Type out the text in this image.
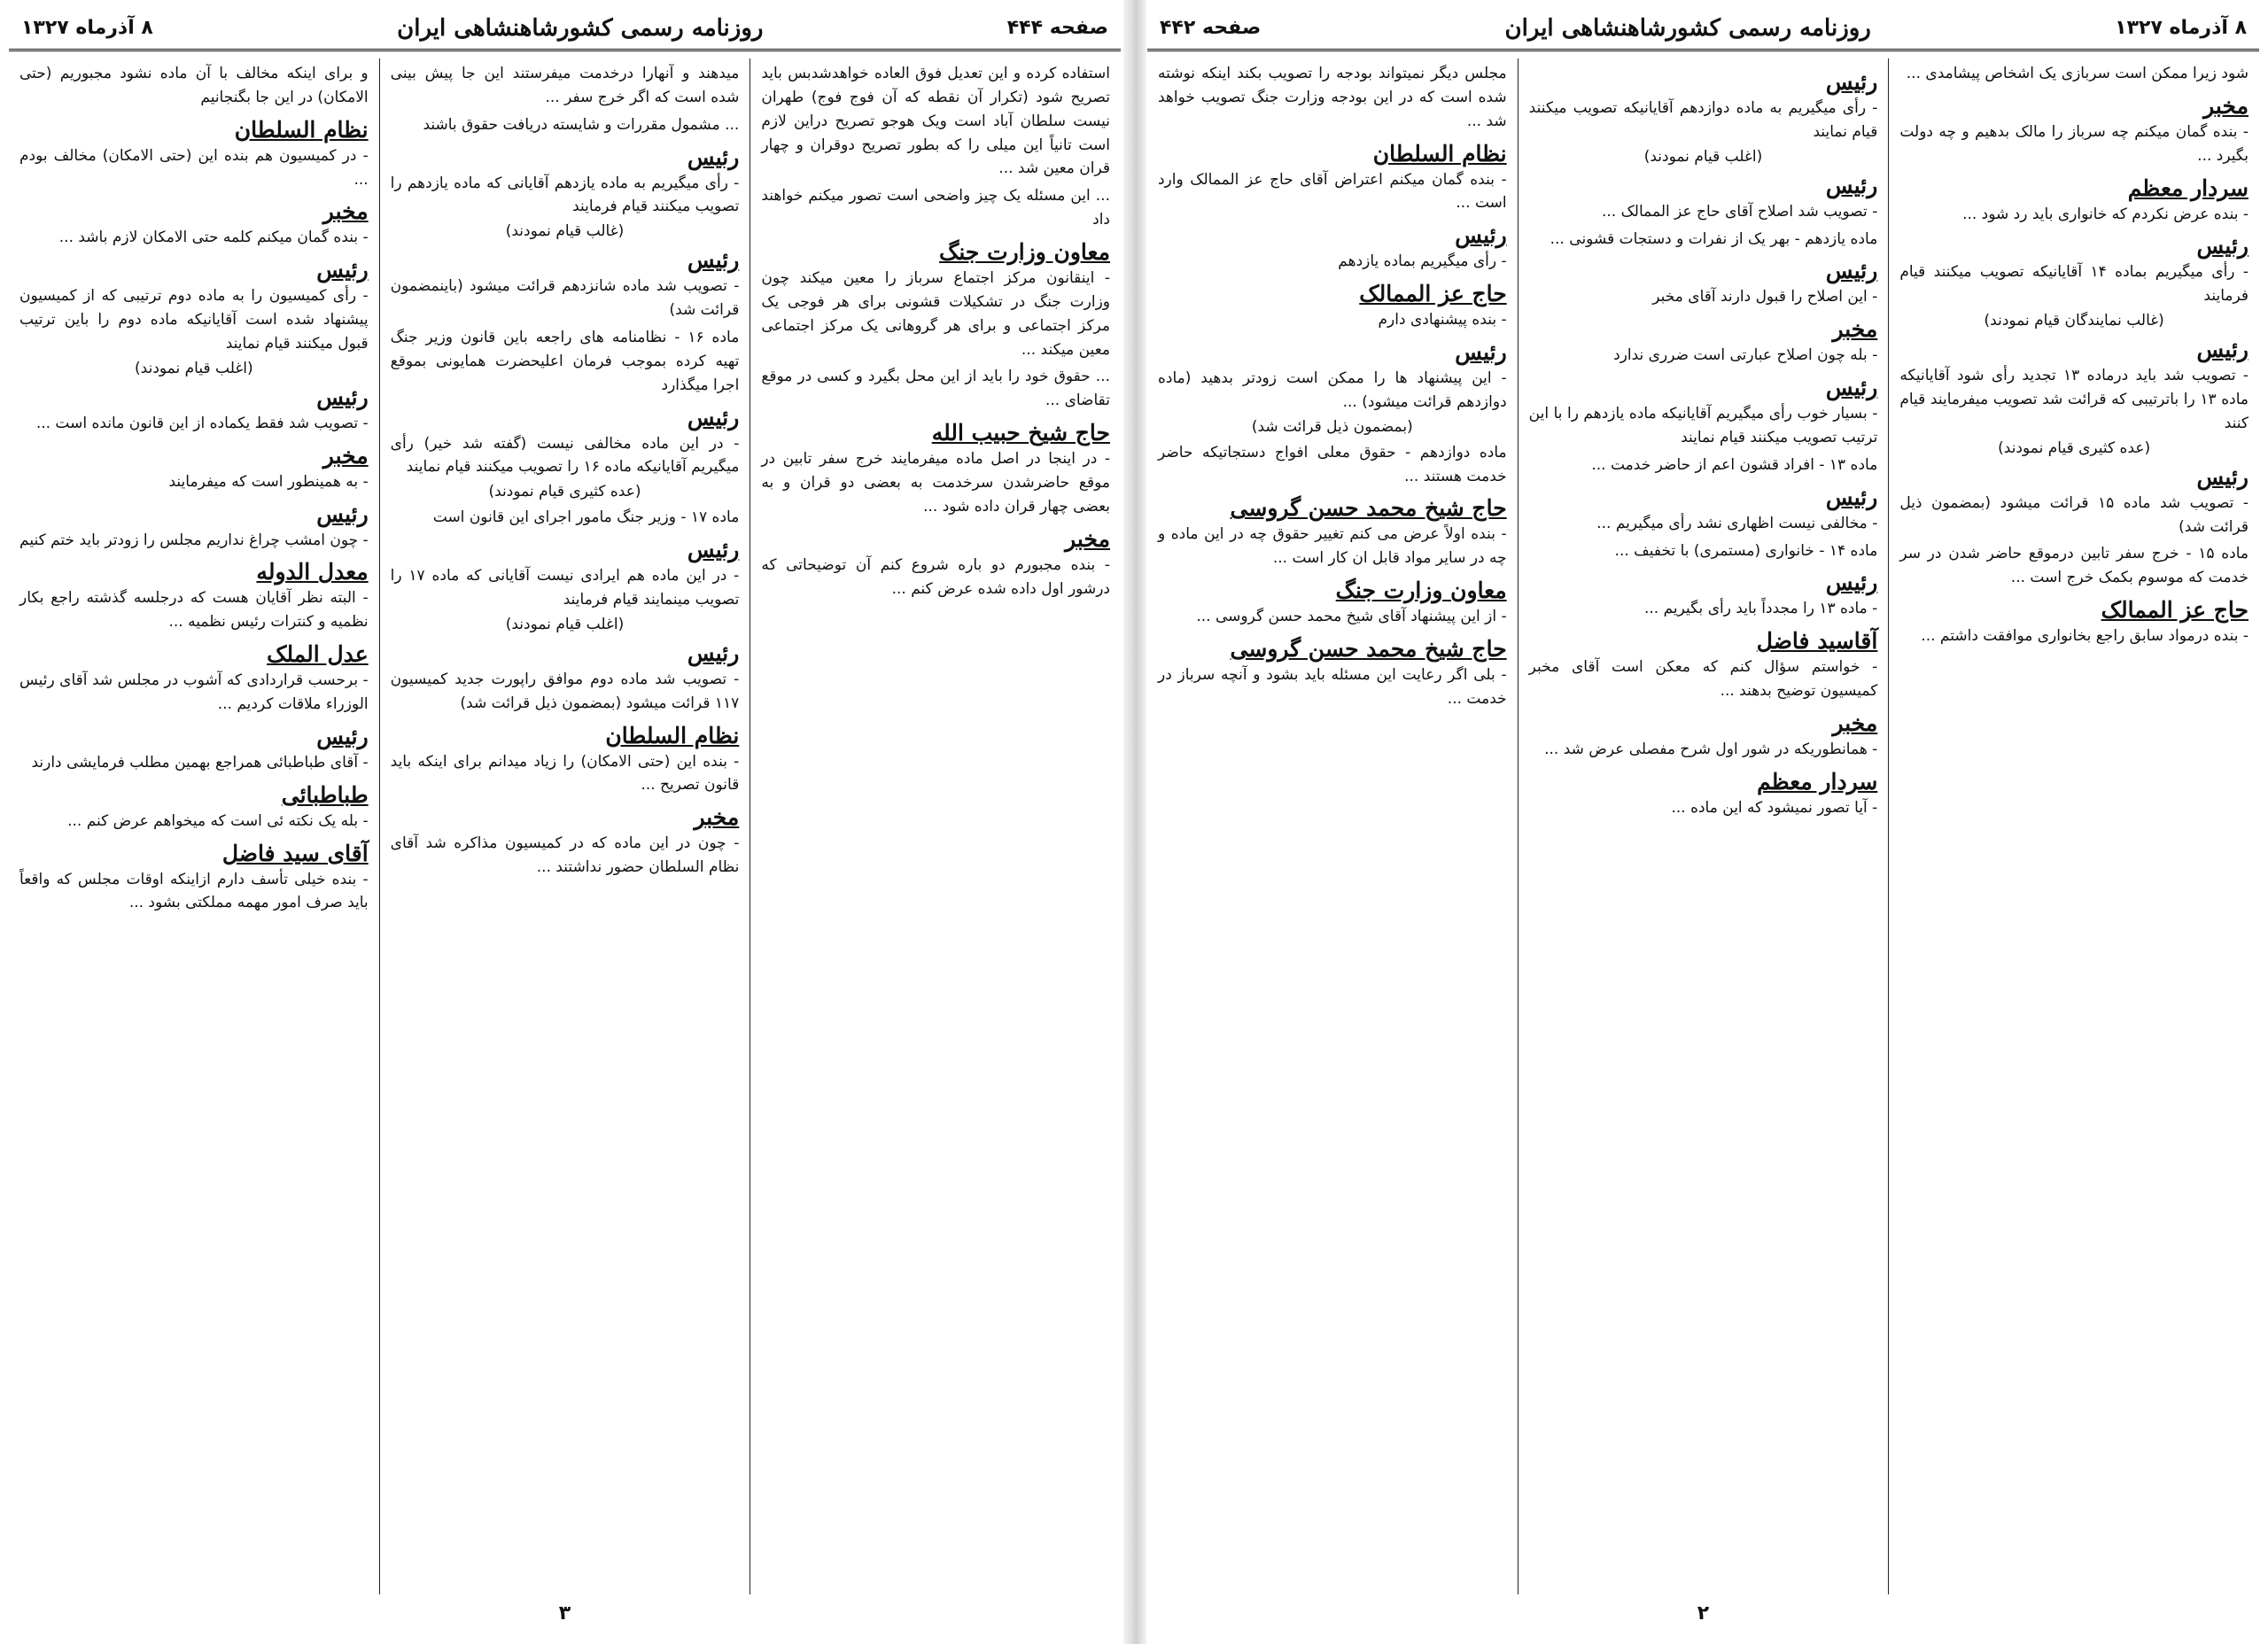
صفحه ۴۴۴
روزنامه رسمی کشورشاهنشاهی ایران
۸ آذرماه ۱۳۲۷
استفاده کرده و این تعدیل فوق العاده خواهدشدبس باید تصریح شود (تکرار آن نقطه که آن فوج فوج) طهران نیست سلطان آباد است ویک هوجو تصریح دراین لازم است تانیاً این میلی را که بطور تصریح دوقران و چهار قران معین شد ...
... این مسئله یک چیز واضحی است تصور میکنم خواهند داد
معاون وزارت جنگ
- اینقانون مرکز اجتماع سرباز را معین میکند چون وزارت جنگ در تشکیلات قشونی برای هر فوجی یک مرکز اجتماعی و برای هر گروهانی یک مرکز اجتماعی معین میکند ...
... حقوق خود را باید از این محل بگیرد و کسی در موقع تقاضای ...
حاج شیخ حبیب الله
- در اینجا در اصل ماده میفرمایند خرج سفر تابین در موقع حاضرشدن سرخدمت به بعضی دو قران و به بعضی چهار قران داده شود ...
مخبر
- بنده مجبورم دو باره شروع کنم آن توضیحاتی که درشور اول داده شده عرض کنم ...
میدهند و آنهارا درخدمت میفرستند این جا پیش بینی شده است که اگر خرج سفر ...
... مشمول مقررات و شایسته دریافت حقوق باشند
رئیس
- رأی میگیریم به ماده یازدهم آقایانی که ماده یازدهم را تصویب میکنند قیام فرمایند
(غالب قیام نمودند)
رئیس
- تصویب شد ماده شانزدهم قرائت میشود (باینمضمون قرائت شد)
ماده ۱۶ - نظامنامه های راجعه باین قانون وزیر جنگ تهیه کرده بموجب فرمان اعلیحضرت همایونی بموقع اجرا میگذارد
رئیس
- در این ماده مخالفی نیست (گفته شد خیر) رأی میگیریم آقایانیکه ماده ۱۶ را تصویب میکنند قیام نمایند
(عده کثیری قیام نمودند)
ماده ۱۷ - وزیر جنگ مامور اجرای این قانون است
رئیس
- در این ماده هم ایرادی نیست آقایانی که ماده ۱۷ را تصویب مینمایند قیام فرمایند
(اغلب قیام نمودند)
رئیس
- تصویب شد ماده دوم موافق راپورت جدید کمیسیون ۱۱۷ قرائت میشود (بمضمون ذیل قرائت شد)
نظام السلطان
- بنده این (حتی الامکان) را زیاد میدانم برای اینکه باید قانون تصریح ...
مخبر
- چون در این ماده که در کمیسیون مذاکره شد آقای نظام السلطان حضور نداشتند ...
و برای اینکه مخالف با آن ماده نشود مجبوریم (حتی الامکان) در این جا بگنجانیم
نظام السلطان
- در کمیسیون هم بنده این (حتی الامکان) مخالف بودم ...
مخبر
- بنده گمان میکنم کلمه حتی الامکان لازم باشد ...
رئیس
- رأی کمیسیون را به ماده دوم ترتیبی که از کمیسیون پیشنهاد شده است آقایانیکه ماده دوم را باین ترتیب قبول میکنند قیام نمایند
(اغلب قیام نمودند)
رئیس
- تصویب شد فقط یکماده از این قانون مانده است ...
مخبر
- به همینطور است که میفرمایند
رئیس
- چون امشب چراغ نداریم مجلس را زودتر باید ختم کنیم
معدل الدوله
- البته نظر آقایان هست که درجلسه گذشته راجع بکار نظمیه و کنترات رئیس نظمیه ...
عدل الملک
- برحسب قراردادی که آشوب در مجلس شد آقای رئیس الوزراء ملاقات کردیم ...
رئیس
- آقای طباطبائی همراجع بهمین مطلب فرمایشی دارند
طباطبائی
- بله یک نکته ئی است که میخواهم عرض کنم ...
آقای سید فاضل
- بنده خیلی تأسف دارم ازاینکه اوقات مجلس که واقعاً باید صرف امور مهمه مملکتی بشود ...
۳
۸ آذرماه ۱۳۲۷
روزنامه رسمی کشورشاهنشاهی ایران
صفحه ۴۴۲
شود زیرا ممکن است سربازی یک اشخاص پیشامدی ...
مخبر
- بنده گمان میکنم چه سرباز را مالک بدهیم و چه دولت بگیرد ...
سردار معظم
- بنده عرض نکردم که خانواری باید رد شود ...
رئیس
- رأی میگیریم بماده ۱۴ آقایانیکه تصویب میکنند قیام فرمایند
(غالب نمایندگان قیام نمودند)
رئیس
- تصویب شد باید درماده ۱۳ تجدید رأی شود آقایانیکه ماده ۱۳ را باترتیبی که قرائت شد تصویب میفرمایند قیام کنند
(عده کثیری قیام نمودند)
رئیس
- تصویب شد ماده ۱۵ قرائت میشود (بمضمون ذیل قرائت شد)
ماده ۱۵ - خرج سفر تابین درموقع حاضر شدن در سر خدمت که موسوم بکمک خرج است ...
حاج عز الممالک
- بنده درمواد سابق راجع بخانواری موافقت داشتم ...
رئیس
- رأی میگیریم به ماده دوازدهم آقایانیکه تصویب میکنند قیام نمایند
(اغلب قیام نمودند)
رئیس
- تصویب شد اصلاح آقای حاج عز الممالک ...
ماده یازدهم - بهر یک از نفرات و دستجات قشونی ...
رئیس
- این اصلاح را قبول دارند آقای مخبر
مخبر
- بله چون اصلاح عبارتی است ضرری ندارد
رئیس
- بسیار خوب رأی میگیریم آقایانیکه ماده یازدهم را با این ترتیب تصویب میکنند قیام نمایند
ماده ۱۳ - افراد قشون اعم از حاضر خدمت ...
رئیس
- مخالفی نیست اظهاری نشد رأی میگیریم ...
ماده ۱۴ - خانواری (مستمری) با تخفیف ...
رئیس
- ماده ۱۳ را مجدداً باید رأی بگیریم ...
آقاسید فاضل
- خواستم سؤال کنم که معکن است آقای مخبر کمیسیون توضیح بدهند ...
مخبر
- همانطوریکه در شور اول شرح مفصلی عرض شد ...
سردار معظم
- آیا تصور نمیشود که این ماده ...
مجلس دیگر نمیتواند بودجه را تصویب بکند اینکه نوشته شده است که در این بودجه وزارت جنگ تصویب خواهد شد ...
نظام السلطان
- بنده گمان میکنم اعتراض آقای حاج عز الممالک وارد است ...
رئیس
- رأی میگیریم بماده یازدهم
حاج عز الممالک
- بنده پیشنهادی دارم
رئیس
- این پیشنهاد ها را ممکن است زودتر بدهید (ماده دوازدهم قرائت میشود) ...
(بمضمون ذیل قرائت شد)
ماده دوازدهم - حقوق معلی افواج دستجاتیکه حاضر خدمت هستند ...
حاج شیخ محمد حسن گروسی
- بنده اولاً عرض می کنم تغییر حقوق چه در این ماده و چه در سایر مواد قابل ان کار است ...
معاون وزارت جنگ
- از این پیشنهاد آقای شیخ محمد حسن گروسی ...
حاج شیخ محمد حسن گروسی
- بلی اگر رعایت این مسئله باید بشود و آنچه سرباز در خدمت ...
۲
